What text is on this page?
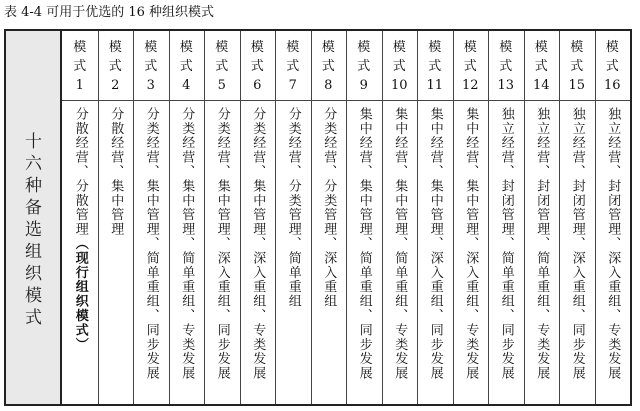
表 4-4 可用于优选的 16 种组织模式
十
六
种
备
选
组
织
模
式
模
式
1
分散经营、分散管理（现行组织模式）
模
式
2
分散经营、集中管理
模
式
3
分类经营、集中管理、简单重组、同步发展
模
式
4
分类经营、集中管理、简单重组、专类发展
模
式
5
分类经营、集中管理、深入重组、同步发展
模
式
6
分类经营、集中管理、深入重组、专类发展
模
式
7
分类经营、分类管理、简单重组
模
式
8
分类经营、分类管理、深入重组
模
式
9
集中经营、集中管理、简单重组、同步发展
模
式
10
集中经营、集中管理、简单重组、专类发展
模
式
11
集中经营、集中管理、深入重组、同步发展
模
式
12
集中经营、集中管理、深入重组、专类发展
模
式
13
独立经营、封闭管理、简单重组、同步发展
模
式
14
独立经营、封闭管理、简单重组、专类发展
模
式
15
独立经营、封闭管理、深入重组、同步发展
模
式
16
独立经营、封闭管理、深入重组、专类发展
